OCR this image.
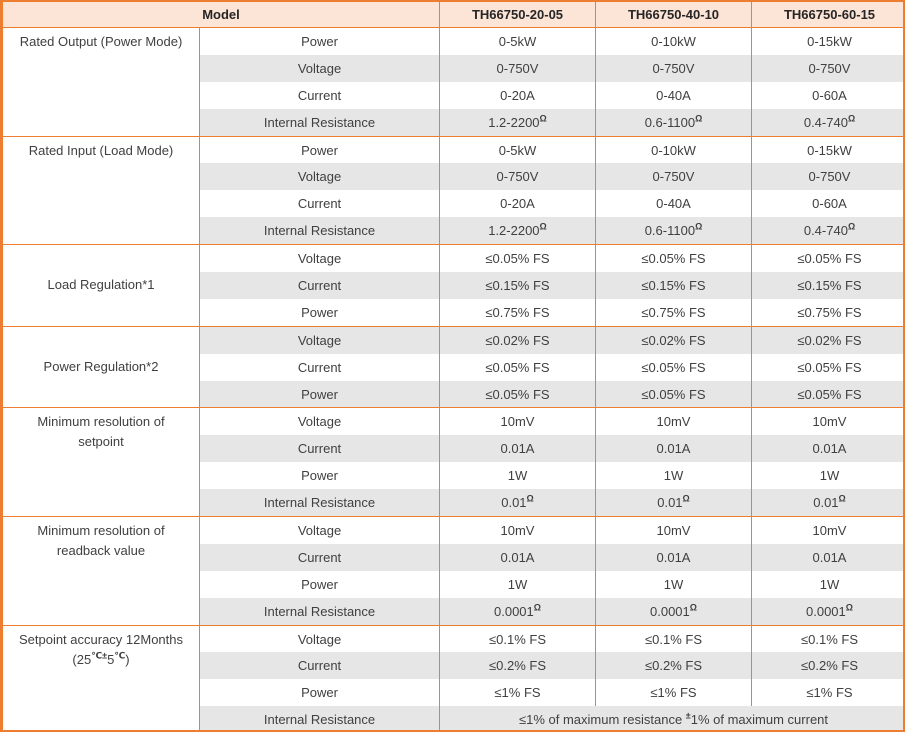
Model		TH66750-20-05	TH66750-40-10	TH66750-60-15
Rated Output (Power Mode)	Power	0-5kW	0-10kW	0-15kW
	Voltage	0-750V	0-750V	0-750V
	Current	0-20A	0-40A	0-60A
	Internal Resistance	$1.2-2200^\Omega$	$0.6-1100^\Omega$	$0.4-740^\Omega$
Rated Input (Load Mode)	Power	0-5kW	0-10kW	0-15kW
	Voltage	0-750V	0-750V	0-750V
	Current	0-20A	0-40A	0-60A
	Internal Resistance	$1.2-2200^\Omega$	$0.6-1100^\Omega$	$0.4-740^\Omega$
Load Regulation*1	Voltage	≤0.05% FS	≤0.05% FS	≤0.05% FS
	Current	≤0.15% FS	≤0.15% FS	≤0.15% FS
	Power	≤0.75% FS	≤0.75% FS	≤0.75% FS
Power Regulation*2	Voltage	≤0.02% FS	≤0.02% FS	≤0.02% FS
	Current	≤0.05% FS	≤0.05% FS	≤0.05% FS
	Power	≤0.05% FS	≤0.05% FS	≤0.05% FS
Minimum resolution of
setpoint	Voltage	10mV	10mV	10mV
	Current	0.01A	0.01A	0.01A
	Power	1W	1W	1W
	Internal Resistance	$0.01^\Omega$	$0.01^\Omega$	$0.01^\Omega$
Minimum resolution of
readback value	Voltage	10mV	10mV	10mV
	Current	0.01A	0.01A	0.01A
	Power	1W	1W	1W
	Internal Resistance	$0.0001^\Omega$	$0.0001^\Omega$	$0.0001^\Omega$
Setpoint accuracy 12Months
(25℃±5℃)	Voltage	≤0.1% FS	≤0.1% FS	≤0.1% FS
	Current	≤0.2% FS	≤0.2% FS	≤0.2% FS
	Power	≤1% FS	≤1% FS	≤1% FS
	Internal Resistance	≤1% of maximum resistance ±1% of maximum current		
